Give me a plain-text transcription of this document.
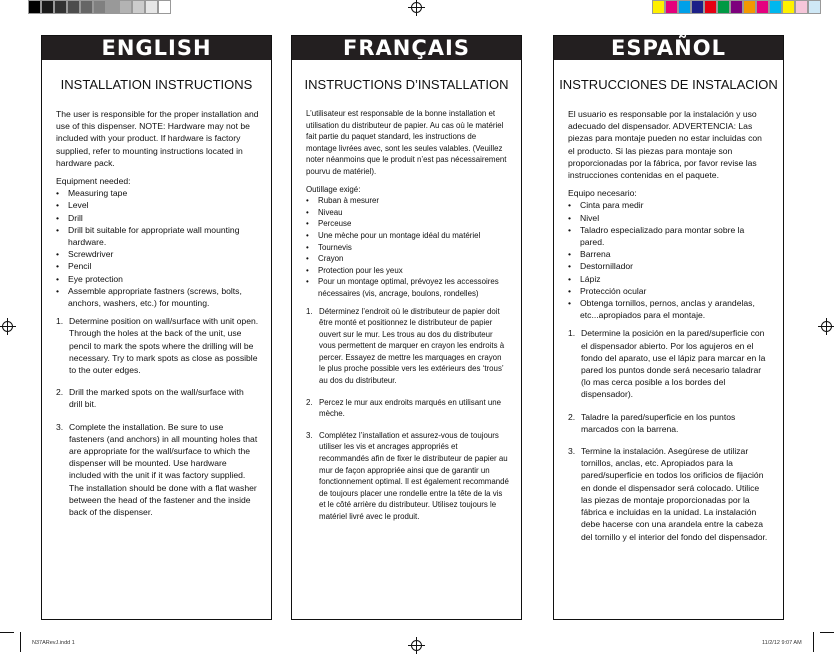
ENGLISH
INSTALLATION INSTRUCTIONS
The user is responsible for the proper installation and use of this dispenser. NOTE: Hardware may not be included with your product. If hardware is factory supplied, refer to mounting instructions located in hardware pack.
Equipment needed:
• Measuring tape
• Level
• Drill
• Drill bit suitable for appropriate wall mounting hardware.
• Screwdriver
• Pencil
• Eye protection
• Assemble appropriate fastners (screws, bolts, anchors, washers, etc.) for mounting.
1. Determine position on wall/surface with unit open. Through the holes at the back of the unit, use pencil to mark the spots where the drilling will be necessary. Try to mark spots as close as possible to the outer edges.
2. Drill the marked spots on the wall/surface with drill bit.
3. Complete the installation. Be sure to use fasteners (and anchors) in all mounting holes that are appropriate for the wall/surface to which the dispenser will be mounted. Use hardware included with the unit if it was factory supplied. The installation should be done with a flat washer between the head of the fastener and the inside back of the dispenser.
FRANÇAIS
INSTRUCTIONS D’INSTALLATION
L’utilisateur est responsable de la bonne installation et utilisation du distributeur de papier. Au cas où le matériel fait partie du paquet standard, les instructions de montage livrées avec, sont les seules valables. (Veuillez noter néanmoins que le produit n’est pas nécessairement pourvu de matériel).
Outillage exigé:
• Ruban à mesurer
• Niveau
• Perceuse
• Une mèche pour un montage idéal du matériel
• Tournevis
• Crayon
• Protection pour les yeux
• Pour un montage optimal, prévoyez les accessoires nécessaires (vis, ancrage, boulons, rondelles)
1. Déterminez l’endroit où le distributeur de papier doit être monté et positionnez le distributeur de papier ouvert sur le mur. Les trous au dos du distributeur vous permettent de marquer en crayon les endroits à percer. Essayez de mettre les marquages en crayon le plus proche possible vers les extérieurs des ‘trous’ au dos du distributeur.
2. Percez le mur aux endroits marqués en utilisant une mèche.
3. Complétez l’installation et assurez-vous de toujours utiliser les vis et ancrages appropriés et recommandés afin de fixer le distributeur de papier au mur de façon appropriée ainsi que de garantir un fonctionnement optimal. Il est également recommandé de toujours placer une rondelle entre la tête de la vis et le côté arrière du distributeur. Utilisez toujours le matériel livré avec le produit.
ESPAÑOL
INSTRUCCIONES DE INSTALACION
El usuario es responsable por la instalación y uso adecuado del dispensador. ADVERTENCIA: Las piezas para montaje pueden no estar incluidas con el producto. Si las piezas para montaje son proporcionadas por la fábrica, por favor revise las instrucciones contenidas en el paquete.
Equipo necesario:
• Cinta para medir
• Nivel
• Taladro especializado para montar sobre la pared.
• Barrena
• Destornillador
• Lápiz
• Protección ocular
• Obtenga tornillos, pernos, anclas y arandelas, etc...apropiados para el montaje.
1. Determine la posición en la pared/superficie con el dispensador abierto. Por los agujeros en el fondo del aparato, use el lápiz para marcar en la pared los puntos donde será necesario taladrar (lo mas cerca posible a los bordes del dispensador).
2. Taladre la pared/superficie en los puntos marcados con la barrena.
3. Termine la instalación. Asegúrese de utilizar tornillos, anclas, etc. Apropiados para la pared/superficie en todos los orificios de fijación en donde el dispensador será colocado. Utilice las piezas de montaje proporcionadas por la fábrica e incluidas en la unidad. La instalación debe hacerse con una arandela entre la cabeza del tornillo y el interior del fondo del dispensador.
N37ARevJ.indd 1	11/2/12 9:07 AM
